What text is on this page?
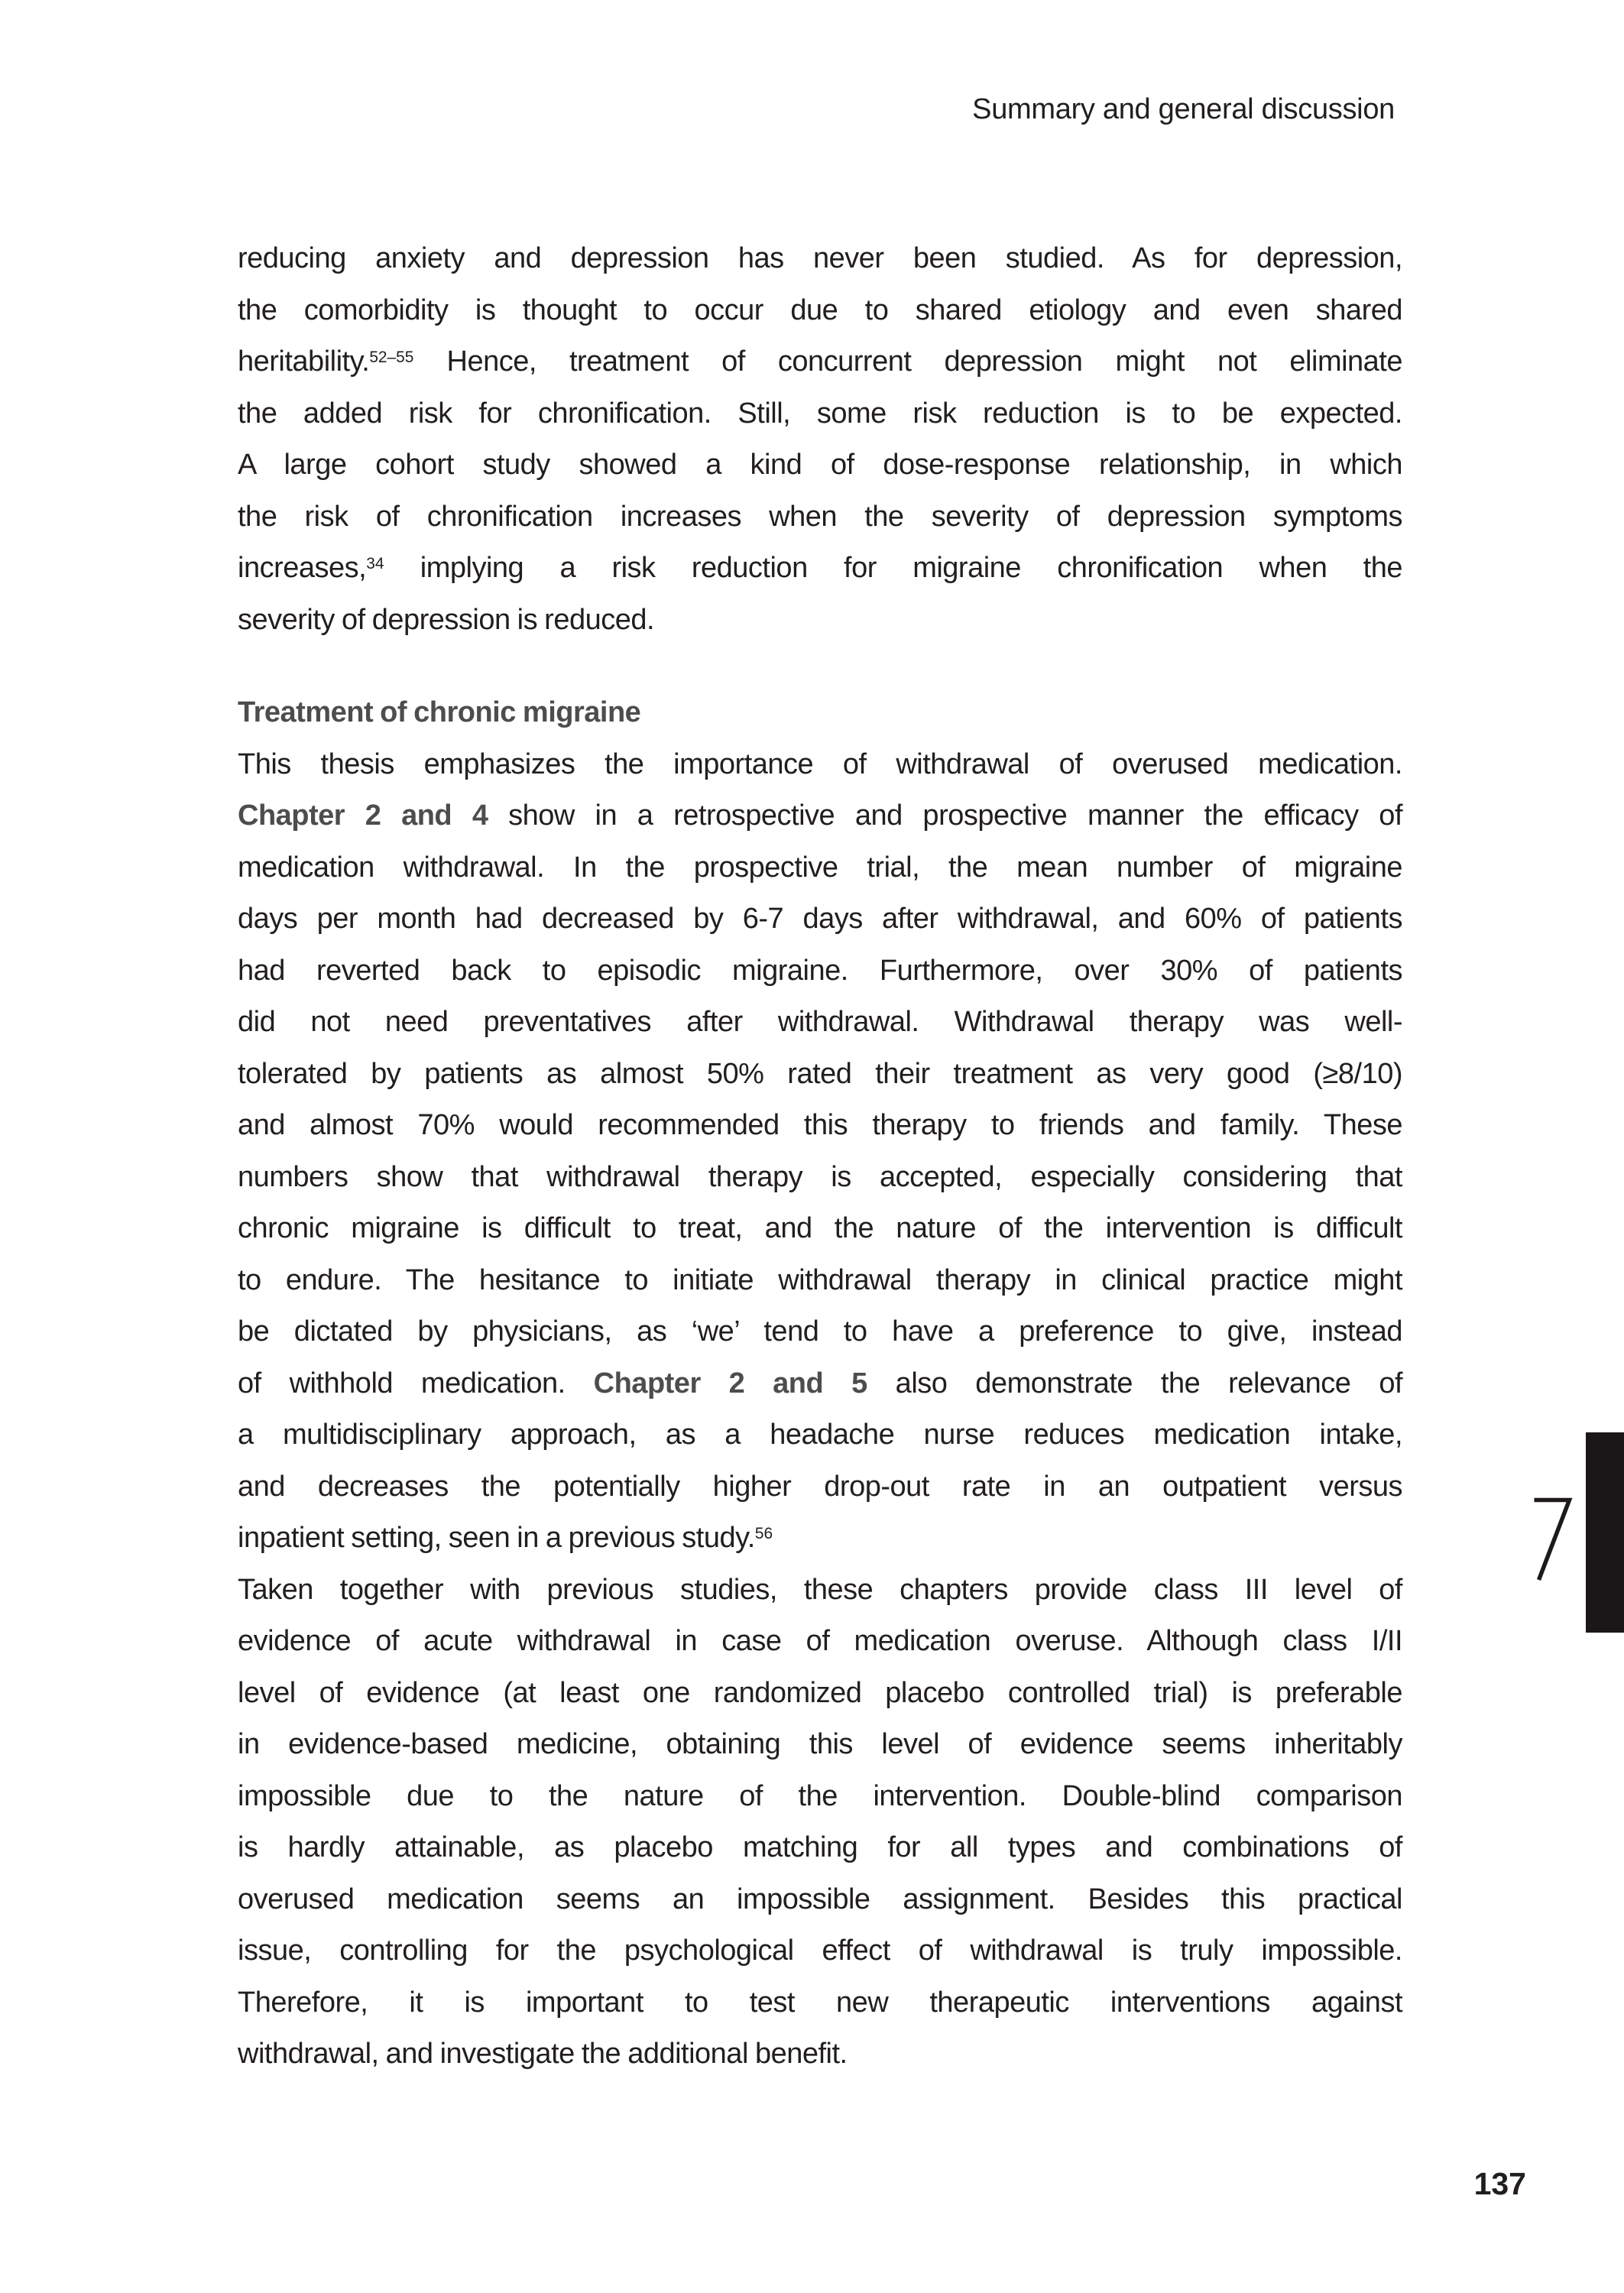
Summary and general discussion
reducing anxiety and depression has never been studied. As for depression,
the comorbidity is thought to occur due to shared etiology and even shared
heritability.$^{52-55}$ Hence, treatment of concurrent depression might not eliminate
the added risk for chronification. Still, some risk reduction is to be expected.
A large cohort study showed a kind of dose-response relationship, in which
the risk of chronification increases when the severity of depression symptoms
increases,$^{34}$ implying a risk reduction for migraine chronification when the
severity of depression is reduced.
Treatment of chronic migraine
This thesis emphasizes the importance of withdrawal of overused medication.
Chapter 2 and 4 show in a retrospective and prospective manner the efficacy of
medication withdrawal. In the prospective trial, the mean number of migraine
days per month had decreased by 6-7 days after withdrawal, and 60% of patients
had reverted back to episodic migraine. Furthermore, over 30% of patients
did not need preventatives after withdrawal. Withdrawal therapy was well-
tolerated by patients as almost 50% rated their treatment as very good (≥8/10)
and almost 70% would recommended this therapy to friends and family. These
numbers show that withdrawal therapy is accepted, especially considering that
chronic migraine is difficult to treat, and the nature of the intervention is difficult
to endure. The hesitance to initiate withdrawal therapy in clinical practice might
be dictated by physicians, as ‘we’ tend to have a preference to give, instead
of withhold medication. Chapter 2 and 5 also demonstrate the relevance of
a multidisciplinary approach, as a headache nurse reduces medication intake,
and decreases the potentially higher drop-out rate in an outpatient versus
inpatient setting, seen in a previous study.$^{56}$
Taken together with previous studies, these chapters provide class III level of
evidence of acute withdrawal in case of medication overuse. Although class I/II
level of evidence (at least one randomized placebo controlled trial) is preferable
in evidence-based medicine, obtaining this level of evidence seems inheritably
impossible due to the nature of the intervention. Double-blind comparison
is hardly attainable, as placebo matching for all types and combinations of
overused medication seems an impossible assignment. Besides this practical
issue, controlling for the psychological effect of withdrawal is truly impossible.
Therefore, it is important to test new therapeutic interventions against
withdrawal, and investigate the additional benefit.
137
